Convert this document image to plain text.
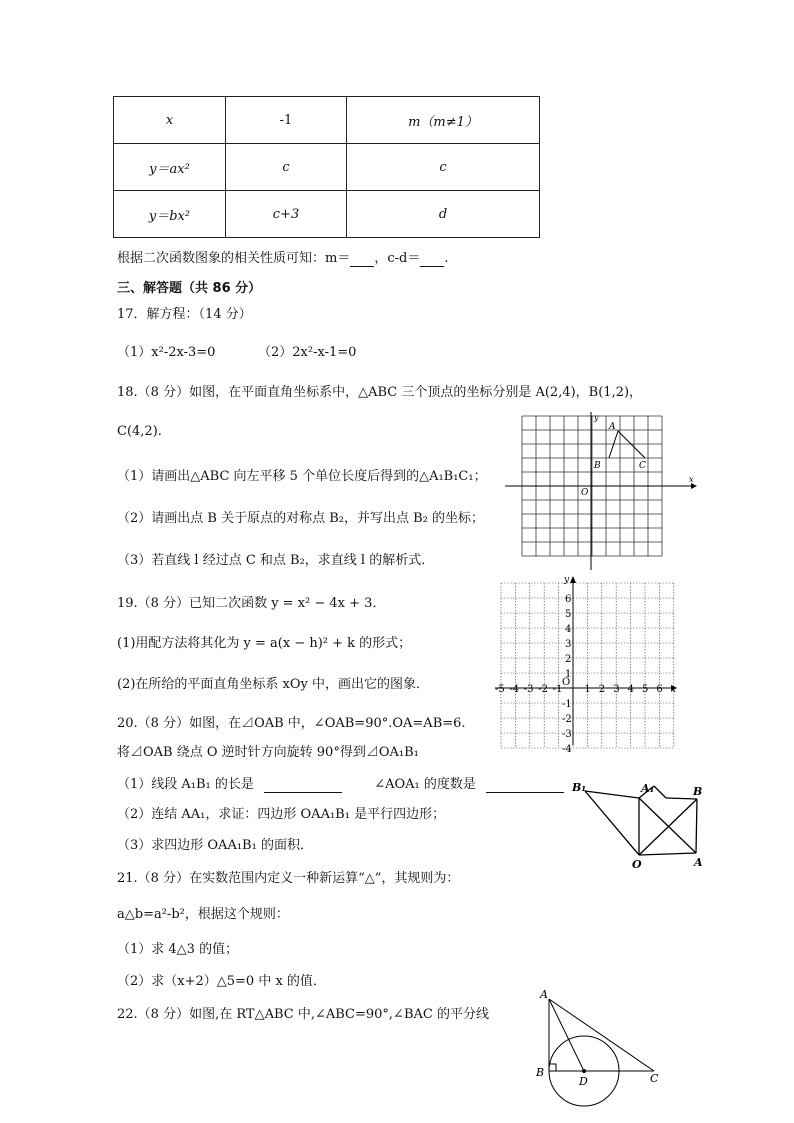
x	-1	m（m≠1）
y＝ax²	c	c
y＝bx²	c+3	d
根据二次函数图象的相关性质可知：m＝ ，c-d＝ .
三、解答题（共 86 分）
17．解方程：（14 分）
（1）x²-2x-3=0	（2）2x²-x-1=0
18.（8 分）如图，在平面直角坐标系中，△ABC 三个顶点的坐标分别是 A(2,4)，B(1,2)，
C(4,2).
（1）请画出△ABC 向左平移 5 个单位长度后得到的△A₁B₁C₁；
（2）请画出点 B 关于原点的对称点 B₂，并写出点 B₂ 的坐标；
（3）若直线 l 经过点 C 和点 B₂，求直线 l 的解析式．
A
B	C
O
x
y
19.（8 分）已知二次函数 y = x² − 4x + 3．
(1)用配方法将其化为 y = a(x − h)² + k 的形式；
(2)在所给的平面直角坐标系 xOy 中，画出它的图象．	-5 -4 -3 -2 -1 1 2 3 4 5 6
6
5
4
3
2
1
-1
-2
-3
-4
O
x
y
20.（8 分）如图，在⊿OAB 中，∠OAB=90°.OA=AB=6.
将⊿OAB 绕点 O 逆时针方向旋转 90°得到⊿OA₁B₁
（1）线段 A₁B₁ 的长是	∠AOA₁ 的度数是
（2）连结 AA₁，求证：四边形 OAA₁B₁ 是平行四边形；
（3）求四边形 OAA₁B₁ 的面积．
B₁	A₁	B
O	A
21.（8 分）在实数范围内定义一种新运算“△”，其规则为：
a△b=a²-b²，根据这个规则：
（1）求 4△3 的值；
（2）求（x+2）△5=0 中 x 的值．
22.（8 分）如图,在 RT△ABC 中,∠ABC=90°,∠BAC 的平分线
A
B
D	C
